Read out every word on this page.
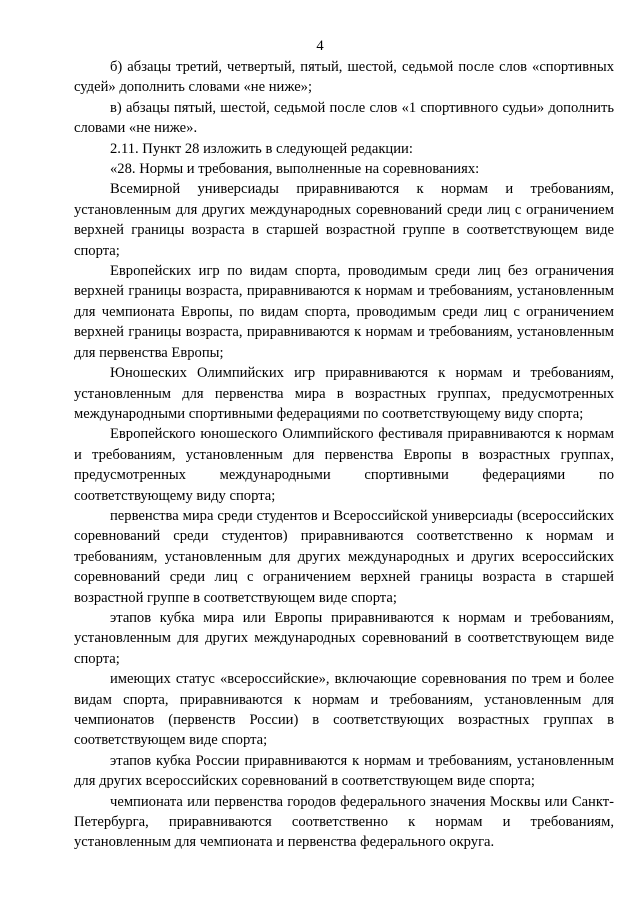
4

б) абзацы третий, четвертый, пятый, шестой, седьмой после слов «спортивных судей» дополнить словами «не ниже»;

в) абзацы пятый, шестой, седьмой после слов «1 спортивного судьи» дополнить словами «не ниже».

2.11. Пункт 28 изложить в следующей редакции:

«28. Нормы и требования, выполненные на соревнованиях:

Всемирной универсиады приравниваются к нормам и требованиям, установленным для других международных соревнований среди лиц с ограничением верхней границы возраста в старшей возрастной группе в соответствующем виде спорта;

Европейских игр по видам спорта, проводимым среди лиц без ограничения верхней границы возраста, приравниваются к нормам и требованиям, установленным для чемпионата Европы, по видам спорта, проводимым среди лиц с ограничением верхней границы возраста, приравниваются к нормам и требованиям, установленным для первенства Европы;

Юношеских Олимпийских игр приравниваются к нормам и требованиям, установленным для первенства мира в возрастных группах, предусмотренных международными спортивными федерациями по соответствующему виду спорта;

Европейского юношеского Олимпийского фестиваля приравниваются к нормам и требованиям, установленным для первенства Европы в возрастных группах, предусмотренных международными спортивными федерациями по соответствующему виду спорта;

первенства мира среди студентов и Всероссийской универсиады (всероссийских соревнований среди студентов) приравниваются соответственно к нормам и требованиям, установленным для других международных и других всероссийских соревнований среди лиц с ограничением верхней границы возраста в старшей возрастной группе в соответствующем виде спорта;

этапов кубка мира или Европы приравниваются к нормам и требованиям, установленным для других международных соревнований в соответствующем виде спорта;

имеющих статус «всероссийские», включающие соревнования по трем и более видам спорта, приравниваются к нормам и требованиям, установленным для чемпионатов (первенств России) в соответствующих возрастных группах в соответствующем виде спорта;

этапов кубка России приравниваются к нормам и требованиям, установленным для других всероссийских соревнований в соответствующем виде спорта;

чемпионата или первенства городов федерального значения Москвы или Санкт-Петербурга, приравниваются соответственно к нормам и требованиям, установленным для чемпионата и первенства федерального округа.
